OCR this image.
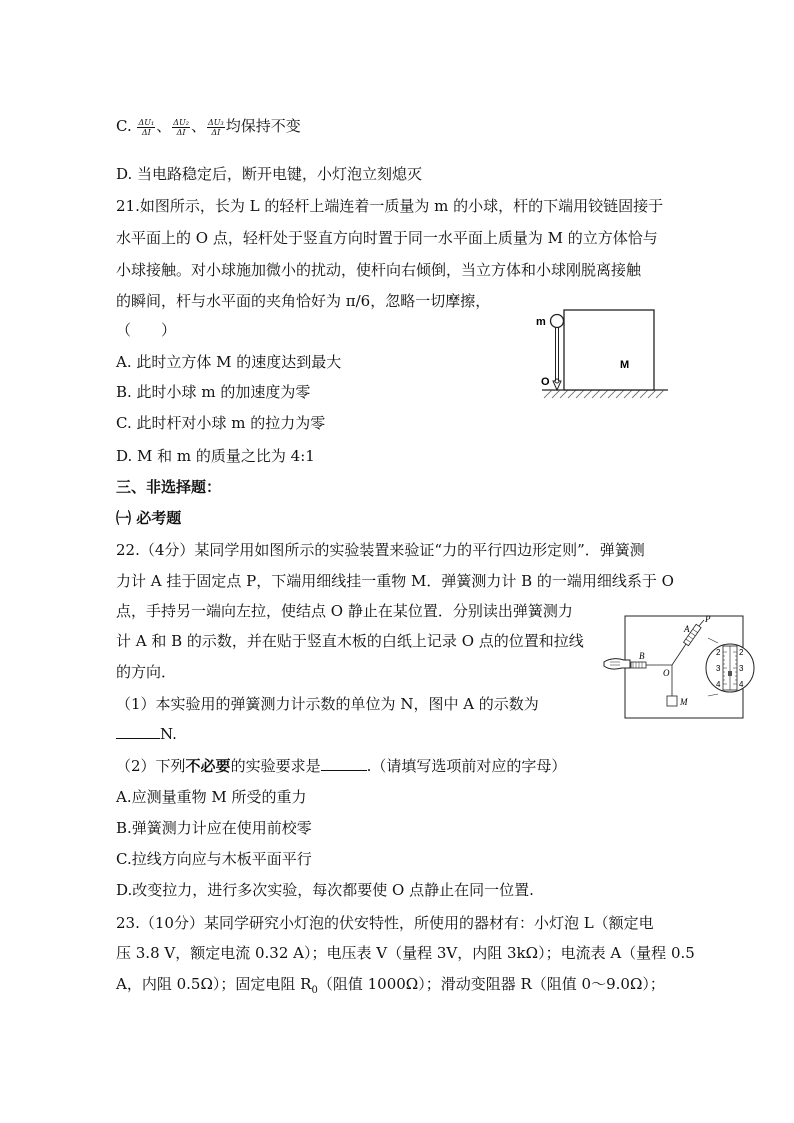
C. $\frac{\text{ΔU₁}}{\Delta I}$ 、 $\frac{\text{ΔU₂}}{\Delta I}$ 、 $\frac{\text{ΔU₃}}{\Delta I}$ 均保持不变
D. 当电路稳定后，断开电键，小灯泡立刻熄灭
21.如图所示，长为 L 的轻杆上端连着一质量为 m 的小球，杆的下端用铰链固接于
水平面上的 O 点，轻杆处于竖直方向时置于同一水平面上质量为 M 的立方体恰与
小球接触。对小球施加微小的扰动，使杆向右倾倒，当立方体和小球刚脱离接触
的瞬间，杆与水平面的夹角恰好为 π/6，忽略一切摩擦，
（　　）
A. 此时立方体 M 的速度达到最大
B. 此时小球 m 的加速度为零
C. 此时杆对小球 m 的拉力为零
D. M 和 m 的质量之比为 4:1
m
O
M
三、非选择题：
㈠ 必考题
22.（4分）某同学用如图所示的实验装置来验证“力的平行四边形定则”．弹簧测
力计 A 挂于固定点 P，下端用细线挂一重物 M．弹簧测力计 B 的一端用细线系于 O
点，手持另一端向左拉，使结点 O 静止在某位置．分别读出弹簧测力
计 A 和 B 的示数，并在贴于竖直木板的白纸上记录 O 点的位置和拉线
的方向．
（1）本实验用的弹簧测力计示数的单位为 N，图中 A 的示数为
N.
（2）下列不必要的实验要求是	.（请填写选项前对应的字母）
A.应测量重物 M 所受的重力
B.弹簧测力计应在使用前校零
C.拉线方向应与木板平面平行
D.改变拉力，进行多次实验，每次都要使 O 点静止在同一位置.
2
3
4
2
3
4
A
P
B
O
M
23.（10分）某同学研究小灯泡的伏安特性，所使用的器材有：小灯泡 L（额定电
压 3.8 V，额定电流 0.32 A）；电压表 V（量程 3V，内阻 3kΩ）；电流表 A（量程 0.5
A，内阻 0.5Ω）；固定电阻 $R_0$（阻值 1000Ω）；滑动变阻器 R（阻值 0～9.0Ω）；
